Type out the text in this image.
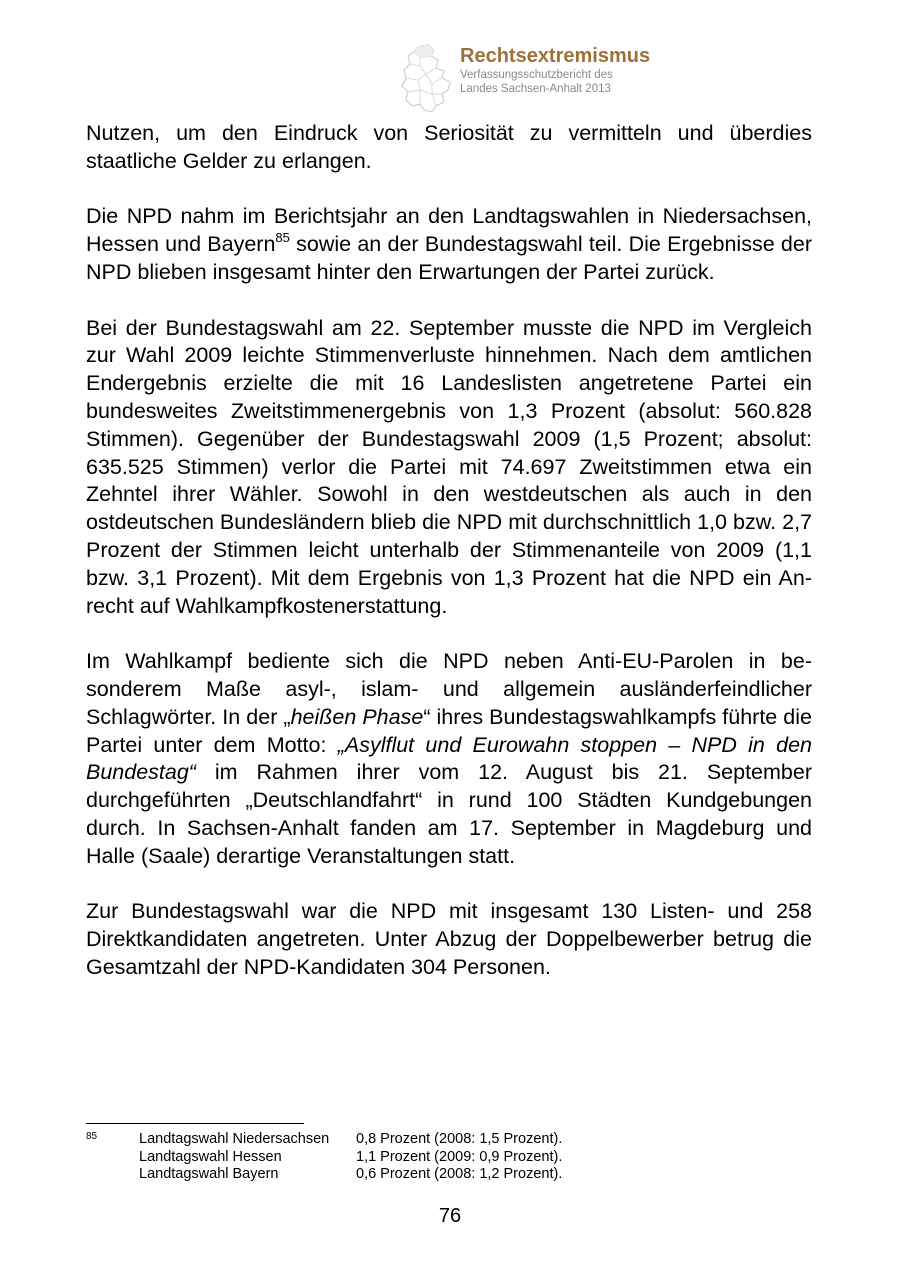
Rechtsextremismus
Verfassungsschutzbericht des
Landes Sachsen-Anhalt 2013

Nutzen, um den Eindruck von Seriosität zu vermitteln und überdies staatliche Gelder zu erlangen.

Die NPD nahm im Berichtsjahr an den Landtagswahlen in Niedersachsen, Hessen und Bayern$^{85}$ sowie an der Bundestagswahl teil. Die Ergebnisse der NPD blieben insgesamt hinter den Erwartungen der Partei zurück.

Bei der Bundestagswahl am 22. September musste die NPD im Vergleich zur Wahl 2009 leichte Stimmenverluste hinnehmen. Nach dem amtlichen Endergebnis erzielte die mit 16 Landeslisten angetretene Partei ein bundesweites Zweitstimmenergebnis von 1,3 Prozent (absolut: 560.828 Stimmen). Gegenüber der Bundestagswahl 2009 (1,5 Prozent; absolut: 635.525 Stimmen) verlor die Partei mit 74.697 Zweitstimmen etwa ein Zehntel ihrer Wähler. Sowohl in den westdeutschen als auch in den ostdeutschen Bundesländern blieb die NPD mit durchschnittlich 1,0 bzw. 2,7 Prozent der Stimmen leicht unterhalb der Stimmenanteile von 2009 (1,1 bzw. 3,1 Prozent). Mit dem Ergebnis von 1,3 Prozent hat die NPD ein Anrecht auf Wahlkampfkostenerstattung.

Im Wahlkampf bediente sich die NPD neben Anti-EU-Parolen in besonderem Maße asyl-, islam- und allgemein ausländerfeindlicher Schlagwörter. In der „heißen Phase“ ihres Bundestagswahlkampfs führte die Partei unter dem Motto: „Asylflut und Eurowahn stoppen – NPD in den Bundestag“ im Rahmen ihrer vom 12. August bis 21. September durchgeführten „Deutschlandfahrt“ in rund 100 Städten Kundgebungen durch. In Sachsen-Anhalt fanden am 17. September in Magdeburg und Halle (Saale) derartige Veranstaltungen statt.

Zur Bundestagswahl war die NPD mit insgesamt 130 Listen- und 258 Direktkandidaten angetreten. Unter Abzug der Doppelbewerber betrug die Gesamtzahl der NPD-Kandidaten 304 Personen.

85	Landtagswahl Niedersachsen 0,8 Prozent (2008: 1,5 Prozent).
Landtagswahl Hessen	1,1 Prozent (2009: 0,9 Prozent).
Landtagswahl Bayern	0,6 Prozent (2008: 1,2 Prozent).
76
